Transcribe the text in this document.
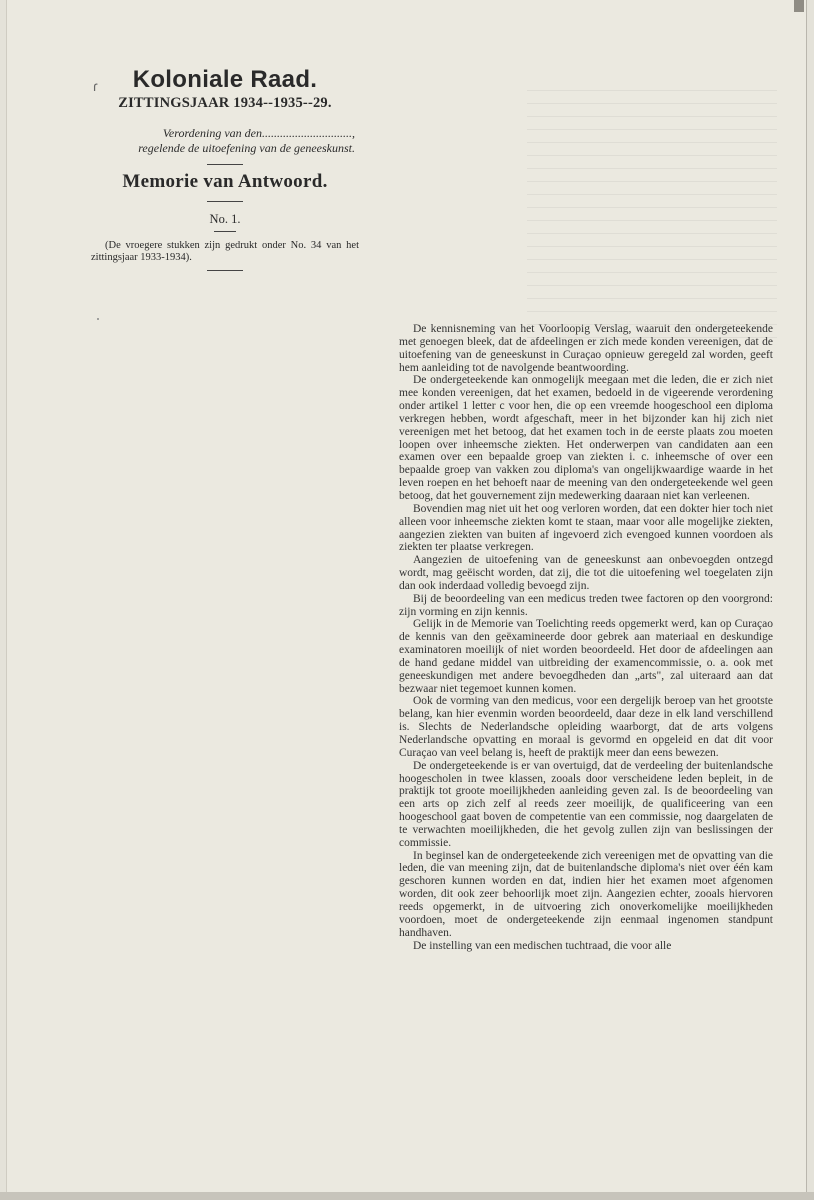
ɾ	Koloniale Raad.
ZITTINGSJAAR 1934--1935--29.
Verordening van den..............................,
regelende de uitoefening van de geneeskunst.
Memorie van Antwoord.
No. 1.
(De vroegere stukken zijn gedrukt onder No. 34 van het zittingsjaar 1933-1934).

De kennisneming van het Voorloopig Verslag, waaruit den ondergeteekende met genoegen bleek, dat de afdeelingen er zich mede konden vereenigen, dat de uitoefening van de geneeskunst in Curaçao opnieuw geregeld zal worden, geeft hem aanleiding tot de navolgende beantwoording.

De ondergeteekende kan onmogelijk meegaan met die leden, die er zich niet mee konden vereenigen, dat het examen, bedoeld in de vigeerende verordening onder artikel 1 letter c voor hen, die op een vreemde hoogeschool een diploma verkregen hebben, wordt afgeschaft, meer in het bijzonder kan hij zich niet vereenigen met het betoog, dat het examen toch in de eerste plaats zou moeten loopen over inheemsche ziekten. Het onderwerpen van candidaten aan een examen over een bepaalde groep van ziekten i. c. inheemsche of over een bepaalde groep van vakken zou diploma's van ongelijkwaardige waarde in het leven roepen en het behoeft naar de meening van den ondergeteekende wel geen betoog, dat het gouvernement zijn medewerking daaraan niet kan verleenen.

Bovendien mag niet uit het oog verloren worden, dat een dokter hier toch niet alleen voor inheemsche ziekten komt te staan, maar voor alle mogelijke ziekten, aangezien ziekten van buiten af ingevoerd zich evengoed kunnen voordoen als ziekten ter plaatse verkregen.

Aangezien de uitoefening van de geneeskunst aan onbevoegden ontzegd wordt, mag geëischt worden, dat zij, die tot die uitoefening wel toegelaten zijn dan ook inderdaad volledig bevoegd zijn.

Bij de beoordeeling van een medicus treden twee factoren op den voorgrond: zijn vorming en zijn kennis.

Gelijk in de Memorie van Toelichting reeds opgemerkt werd, kan op Curaçao de kennis van den geëxamineerde door gebrek aan materiaal en deskundige examinatoren moeilijk of niet worden beoordeeld. Het door de afdeelingen aan de hand gedane middel van uitbreiding der examencommissie, o. a. ook met geneeskundigen met andere bevoegdheden dan „arts", zal uiteraard aan dat bezwaar niet tegemoet kunnen komen.

Ook de vorming van den medicus, voor een dergelijk beroep van het grootste belang, kan hier evenmin worden beoordeeld, daar deze in elk land verschillend is. Slechts de Nederlandsche opleiding waarborgt, dat de arts volgens Nederlandsche opvatting en moraal is gevormd en opgeleid en dat dit voor Curaçao van veel belang is, heeft de praktijk meer dan eens bewezen.

De ondergeteekende is er van overtuigd, dat de verdeeling der buitenlandsche hoogescholen in twee klassen, zooals door verscheidene leden bepleit, in de praktijk tot groote moeilijkheden aanleiding geven zal. Is de beoordeeling van een arts op zich zelf al reeds zeer moeilijk, de qualificeering van een hoogeschool gaat boven de competentie van een commissie, nog daargelaten de te verwachten moeilijkheden, die het gevolg zullen zijn van beslissingen der commissie.

In beginsel kan de ondergeteekende zich vereenigen met de opvatting van die leden, die van meening zijn, dat de buitenlandsche diploma's niet over één kam geschoren kunnen worden en dat, indien hier het examen moet afgenomen worden, dit ook zeer behoorlijk moet zijn. Aangezien echter, zooals hiervoren reeds opgemerkt, in de uitvoering zich onoverkomelijke moeilijkheden voordoen, moet de ondergeteekende zijn eenmaal ingenomen standpunt handhaven.

De instelling van een medischen tuchtraad, die voor alle
